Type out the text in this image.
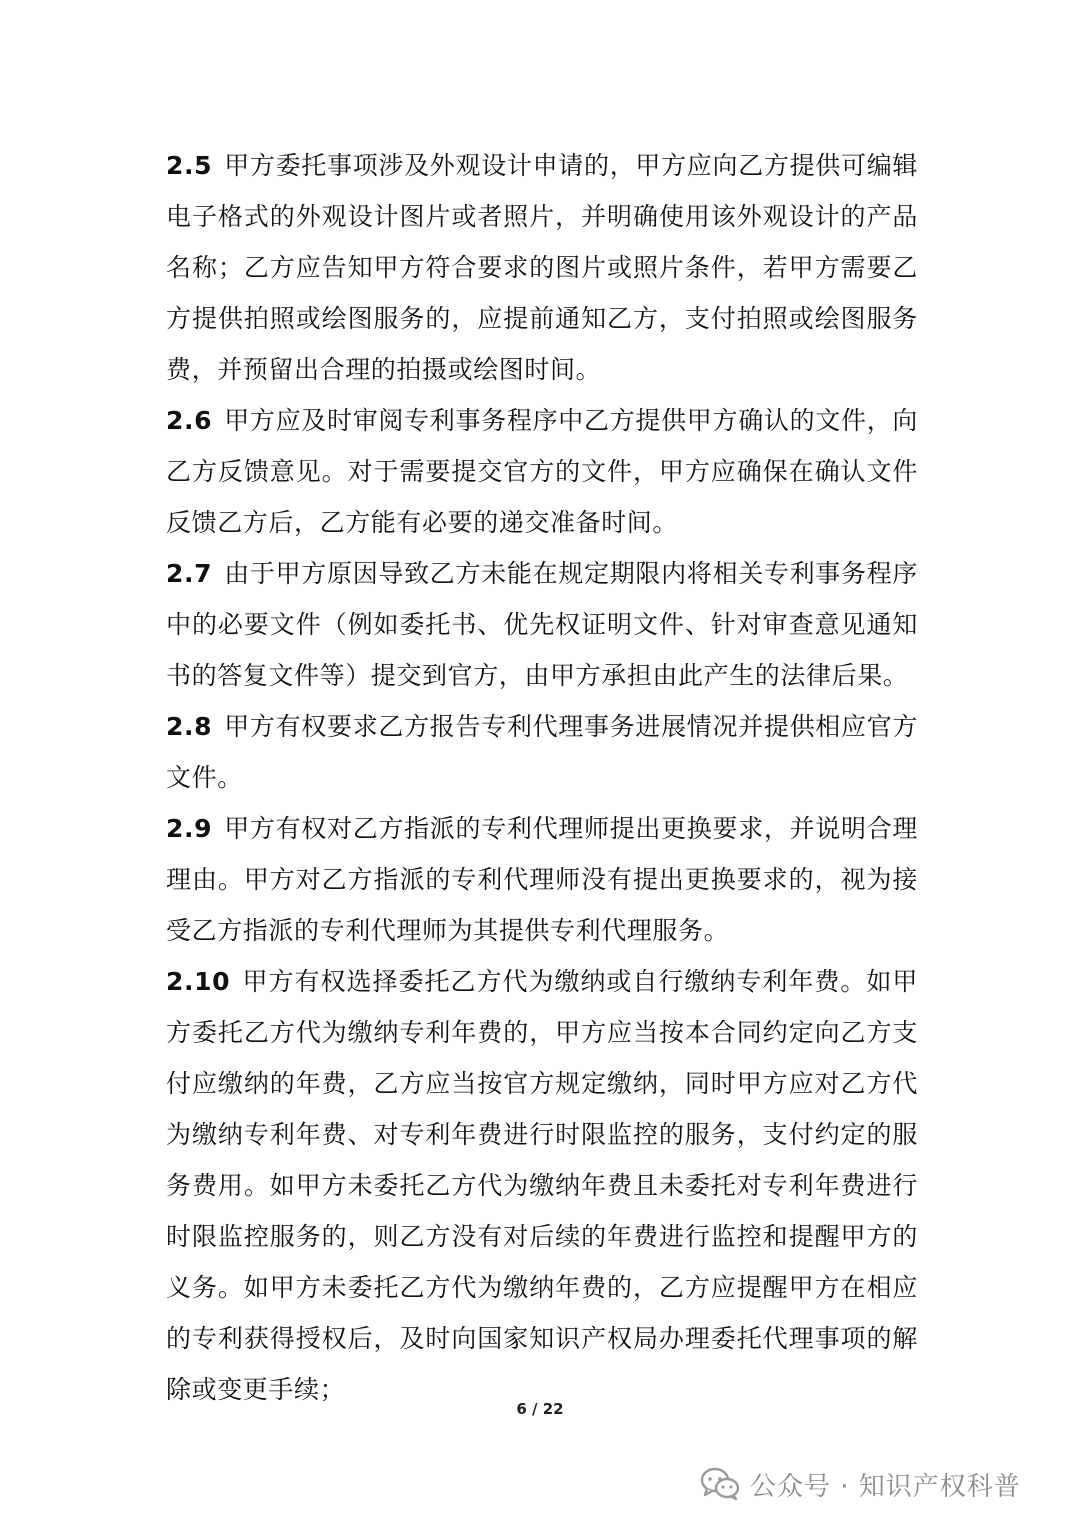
2.5 甲方委托事项涉及外观设计申请的，甲方应向乙方提供可编辑电子格式的外观设计图片或者照片，并明确使用该外观设计的产品名称；乙方应告知甲方符合要求的图片或照片条件，若甲方需要乙方提供拍照或绘图服务的，应提前通知乙方，支付拍照或绘图服务费，并预留出合理的拍摄或绘图时间。

2.6 甲方应及时审阅专利事务程序中乙方提供甲方确认的文件，向乙方反馈意见。对于需要提交官方的文件，甲方应确保在确认文件反馈乙方后，乙方能有必要的递交准备时间。

2.7 由于甲方原因导致乙方未能在规定期限内将相关专利事务程序中的必要文件（例如委托书、优先权证明文件、针对审查意见通知书的答复文件等）提交到官方，由甲方承担由此产生的法律后果。

2.8 甲方有权要求乙方报告专利代理事务进展情况并提供相应官方文件。

2.9 甲方有权对乙方指派的专利代理师提出更换要求，并说明合理理由。甲方对乙方指派的专利代理师没有提出更换要求的，视为接受乙方指派的专利代理师为其提供专利代理服务。

2.10 甲方有权选择委托乙方代为缴纳或自行缴纳专利年费。如甲方委托乙方代为缴纳专利年费的，甲方应当按本合同约定向乙方支付应缴纳的年费，乙方应当按官方规定缴纳，同时甲方应对乙方代为缴纳专利年费、对专利年费进行时限监控的服务，支付约定的服务费用。如甲方未委托乙方代为缴纳年费且未委托对专利年费进行时限监控服务的，则乙方没有对后续的年费进行监控和提醒甲方的义务。如甲方未委托乙方代为缴纳年费的，乙方应提醒甲方在相应的专利获得授权后，及时向国家知识产权局办理委托代理事项的解除或变更手续；

6 / 22
公众号 · 知识产权科普
